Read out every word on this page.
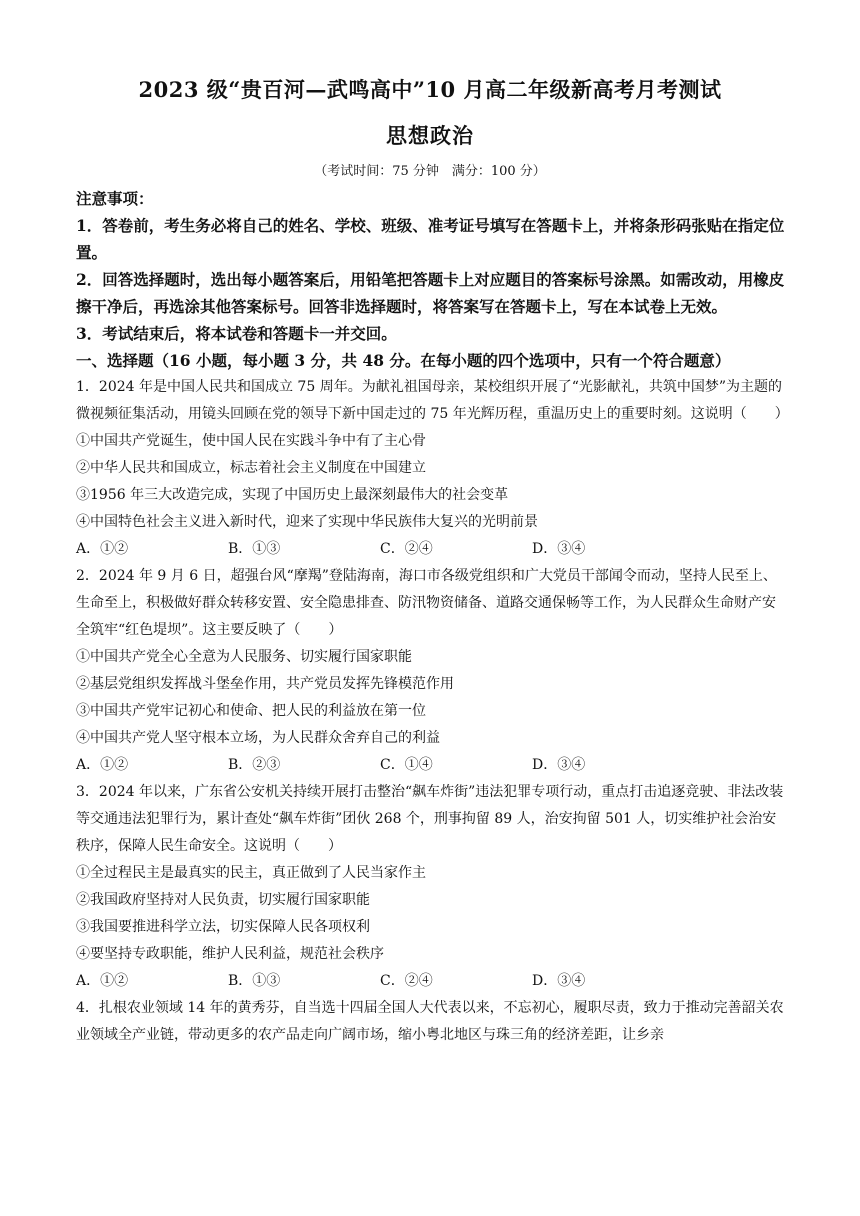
2023 级“贵百河—武鸣高中”10 月高二年级新高考月考测试
思想政治
（考试时间：75 分钟　满分：100 分）
注意事项：

1．答卷前，考生务必将自己的姓名、学校、班级、准考证号填写在答题卡上，并将条形码张贴在指定位置。

2．回答选择题时，选出每小题答案后，用铅笔把答题卡上对应题目的答案标号涂黑。如需改动，用橡皮擦干净后，再选涂其他答案标号。回答非选择题时，将答案写在答题卡上，写在本试卷上无效。

3．考试结束后，将本试卷和答题卡一并交回。

一、选择题（16 小题，每小题 3 分，共 48 分。在每小题的四个选项中，只有一个符合题意）

1．2024 年是中国人民共和国成立 75 周年。为献礼祖国母亲，某校组织开展了“光影献礼，共筑中国梦”为主题的微视频征集活动，用镜头回顾在党的领导下新中国走过的 75 年光辉历程，重温历史上的重要时刻。这说明（　　）

①中国共产党诞生，使中国人民在实践斗争中有了主心骨
②中华人民共和国成立，标志着社会主义制度在中国建立
③1956 年三大改造完成，实现了中国历史上最深刻最伟大的社会变革
④中国特色社会主义进入新时代，迎来了实现中华民族伟大复兴的光明前景
A．①②	B．①③	C．②④	D．③④

2．2024 年 9 月 6 日，超强台风“摩羯”登陆海南，海口市各级党组织和广大党员干部闻令而动，坚持人民至上、生命至上，积极做好群众转移安置、安全隐患排查、防汛物资储备、道路交通保畅等工作，为人民群众生命财产安全筑牢“红色堤坝”。这主要反映了（　　）

①中国共产党全心全意为人民服务、切实履行国家职能
②基层党组织发挥战斗堡垒作用，共产党员发挥先锋模范作用
③中国共产党牢记初心和使命、把人民的利益放在第一位
④中国共产党人坚守根本立场，为人民群众舍弃自己的利益
A．①②	B．②③	C．①④	D．③④

3．2024 年以来，广东省公安机关持续开展打击整治“飙车炸街”违法犯罪专项行动，重点打击追逐竞驶、非法改装等交通违法犯罪行为，累计查处“飙车炸街”团伙 268 个，刑事拘留 89 人，治安拘留 501 人，切实维护社会治安秩序，保障人民生命安全。这说明（　　）

①全过程民主是最真实的民主，真正做到了人民当家作主
②我国政府坚持对人民负责，切实履行国家职能
③我国要推进科学立法，切实保障人民各项权利
④要坚持专政职能，维护人民利益，规范社会秩序
A．①②	B．①③	C．②④	D．③④

4．扎根农业领域 14 年的黄秀芬，自当选十四届全国人大代表以来，不忘初心，履职尽责，致力于推动完善韶关农业领域全产业链，带动更多的农产品走向广阔市场，缩小粤北地区与珠三角的经济差距，让乡亲
